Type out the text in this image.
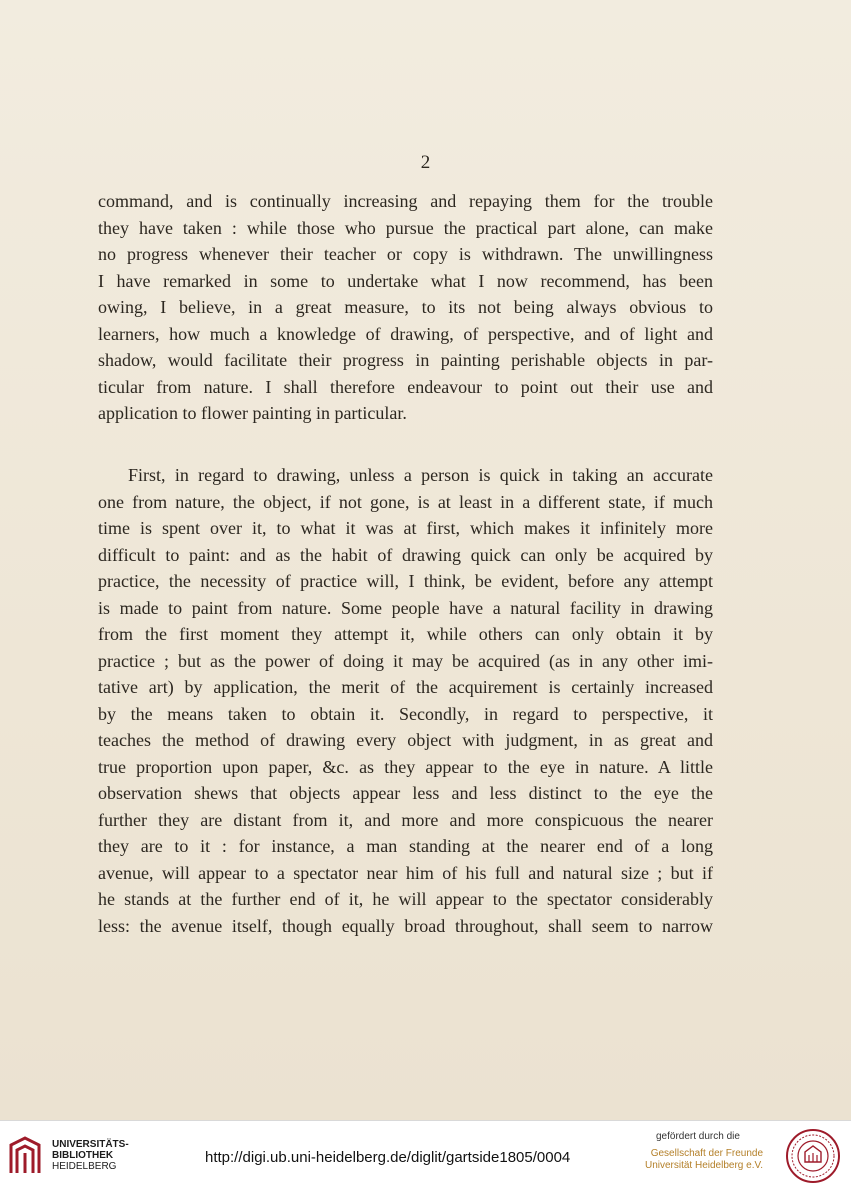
2
command, and is continually increasing and repaying them for the trouble
they have taken : while those who pursue the practical part alone, can make
no progress whenever their teacher or copy is withdrawn. The unwillingness
I have remarked in some to undertake what I now recommend, has been
owing, I believe, in a great measure, to its not being always obvious to
learners, how much a knowledge of drawing, of perspective, and of light and
shadow, would facilitate their progress in painting perishable objects in par-
ticular from nature. I shall therefore endeavour to point out their use and
application to flower painting in particular.
First, in regard to drawing, unless a person is quick in taking an accurate
one from nature, the object, if not gone, is at least in a different state, if much
time is spent over it, to what it was at first, which makes it infinitely more
difficult to paint: and as the habit of drawing quick can only be acquired by
practice, the necessity of practice will, I think, be evident, before any attempt
is made to paint from nature. Some people have a natural facility in drawing
from the first moment they attempt it, while others can only obtain it by
practice ; but as the power of doing it may be acquired (as in any other imi-
tative art) by application, the merit of the acquirement is certainly increased
by the means taken to obtain it. Secondly, in regard to perspective, it
teaches the method of drawing every object with judgment, in as great and
true proportion upon paper, &c. as they appear to the eye in nature. A little
observation shews that objects appear less and less distinct to the eye the
further they are distant from it, and more and more conspicuous the nearer
they are to it : for instance, a man standing at the nearer end of a long
avenue, will appear to a spectator near him of his full and natural size ; but if
he stands at the further end of it, he will appear to the spectator considerably
less: the avenue itself, though equally broad throughout, shall seem to narrow
UNIVERSITÄTS-
BIBLIOTHEK
HEIDELBERG
http://digi.ub.uni-heidelberg.de/diglit/gartside1805/0004
gefördert durch die
Gesellschaft der Freunde
Universität Heidelberg e.V.
